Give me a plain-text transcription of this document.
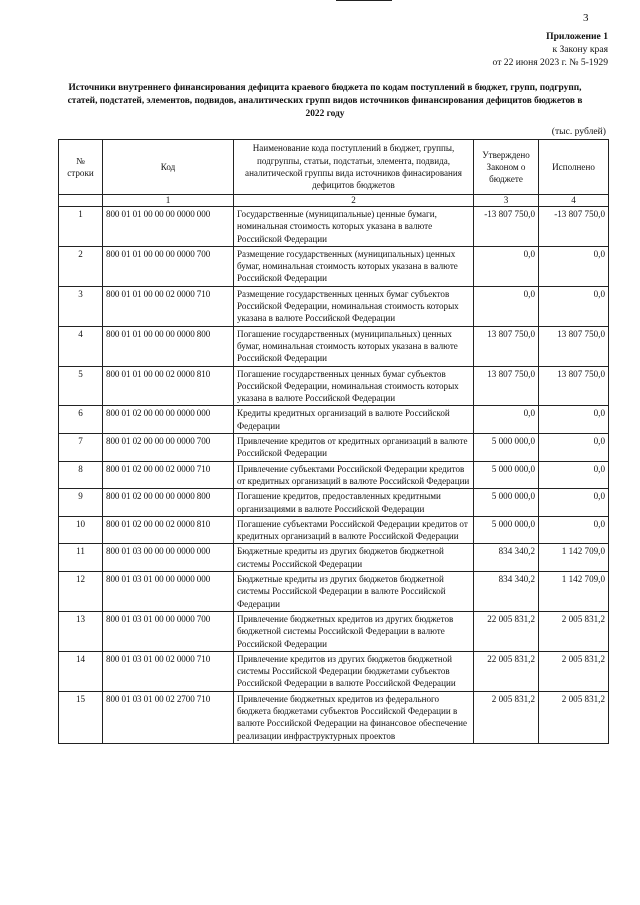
3
Приложение 1
к Закону края
от 22 июня 2023 г. № 5-1929
Источники внутреннего финансирования дефицита краевого бюджета по кодам поступлений в бюджет, групп, подгрупп, статей, подстатей, элементов, подвидов, аналитических групп видов источников финансирования дефицитов бюджетов в 2022 году
(тыс. рублей)
№ строки	Код	Наименование кода поступлений в бюджет, группы, подгруппы, статьи, подстатьи, элемента, подвида, аналитической группы вида источников финасирования дефицитов бюджетов	Утверждено Законом о бюджете	Исполнено
	1	2	3	4
1	800 01 01 00 00 00 0000 000	Государственные (муниципальные) ценные бумаги, номинальная стоимость которых указана в валюте Российской Федерации	-13 807 750,0	-13 807 750,0
2	800 01 01 00 00 00 0000 700	Размещение государственных (муниципальных) ценных бумаг, номинальная стоимость которых указана в валюте Российской Федерации	0,0	0,0
3	800 01 01 00 00 02 0000 710	Размещение государственных ценных бумаг субъектов Российской Федерации, номинальная стоимость которых указана в валюте Российской Федерации	0,0	0,0
4	800 01 01 00 00 00 0000 800	Погашение государственных (муниципальных) ценных бумаг, номинальная стоимость которых указана в валюте Российской Федерации	13 807 750,0	13 807 750,0
5	800 01 01 00 00 02 0000 810	Погашение государственных ценных бумаг субъектов Российской Федерации, номинальная стоимость которых указана в валюте Российской Федерации	13 807 750,0	13 807 750,0
6	800 01 02 00 00 00 0000 000	Кредиты кредитных организаций в валюте Российской Федерации	0,0	0,0
7	800 01 02 00 00 00 0000 700	Привлечение кредитов от кредитных организаций в валюте Российской Федерации	5 000 000,0	0,0
8	800 01 02 00 00 02 0000 710	Привлечение субъектами Российской Федерации кредитов от кредитных организаций в валюте Российской Федерации	5 000 000,0	0,0
9	800 01 02 00 00 00 0000 800	Погашение кредитов, предоставленных кредитными организациями в валюте Российской Федерации	5 000 000,0	0,0
10	800 01 02 00 00 02 0000 810	Погашение субъектами Российской Федерации кредитов от кредитных организаций в валюте Российской Федерации	5 000 000,0	0,0
11	800 01 03 00 00 00 0000 000	Бюджетные кредиты из других бюджетов бюджетной системы Российской Федерации	834 340,2	1 142 709,0
12	800 01 03 01 00 00 0000 000	Бюджетные кредиты из других бюджетов бюджетной системы Российской Федерации в валюте Российской Федерации	834 340,2	1 142 709,0
13	800 01 03 01 00 00 0000 700	Привлечение бюджетных кредитов из других бюджетов бюджетной системы Российской Федерации в валюте Российской Федерации	22 005 831,2	2 005 831,2
14	800 01 03 01 00 02 0000 710	Привлечение кредитов из других бюджетов бюджетной системы Российской Федерации бюджетами субъектов Российской Федерации в валюте Российской Федерации	22 005 831,2	2 005 831,2
15	800 01 03 01 00 02 2700 710	Привлечение бюджетных кредитов из федерального бюджета бюджетами субъектов Российской Федерации в валюте Российской Федерации на финансовое обеспечение реализации инфраструктурных проектов	2 005 831,2	2 005 831,2
